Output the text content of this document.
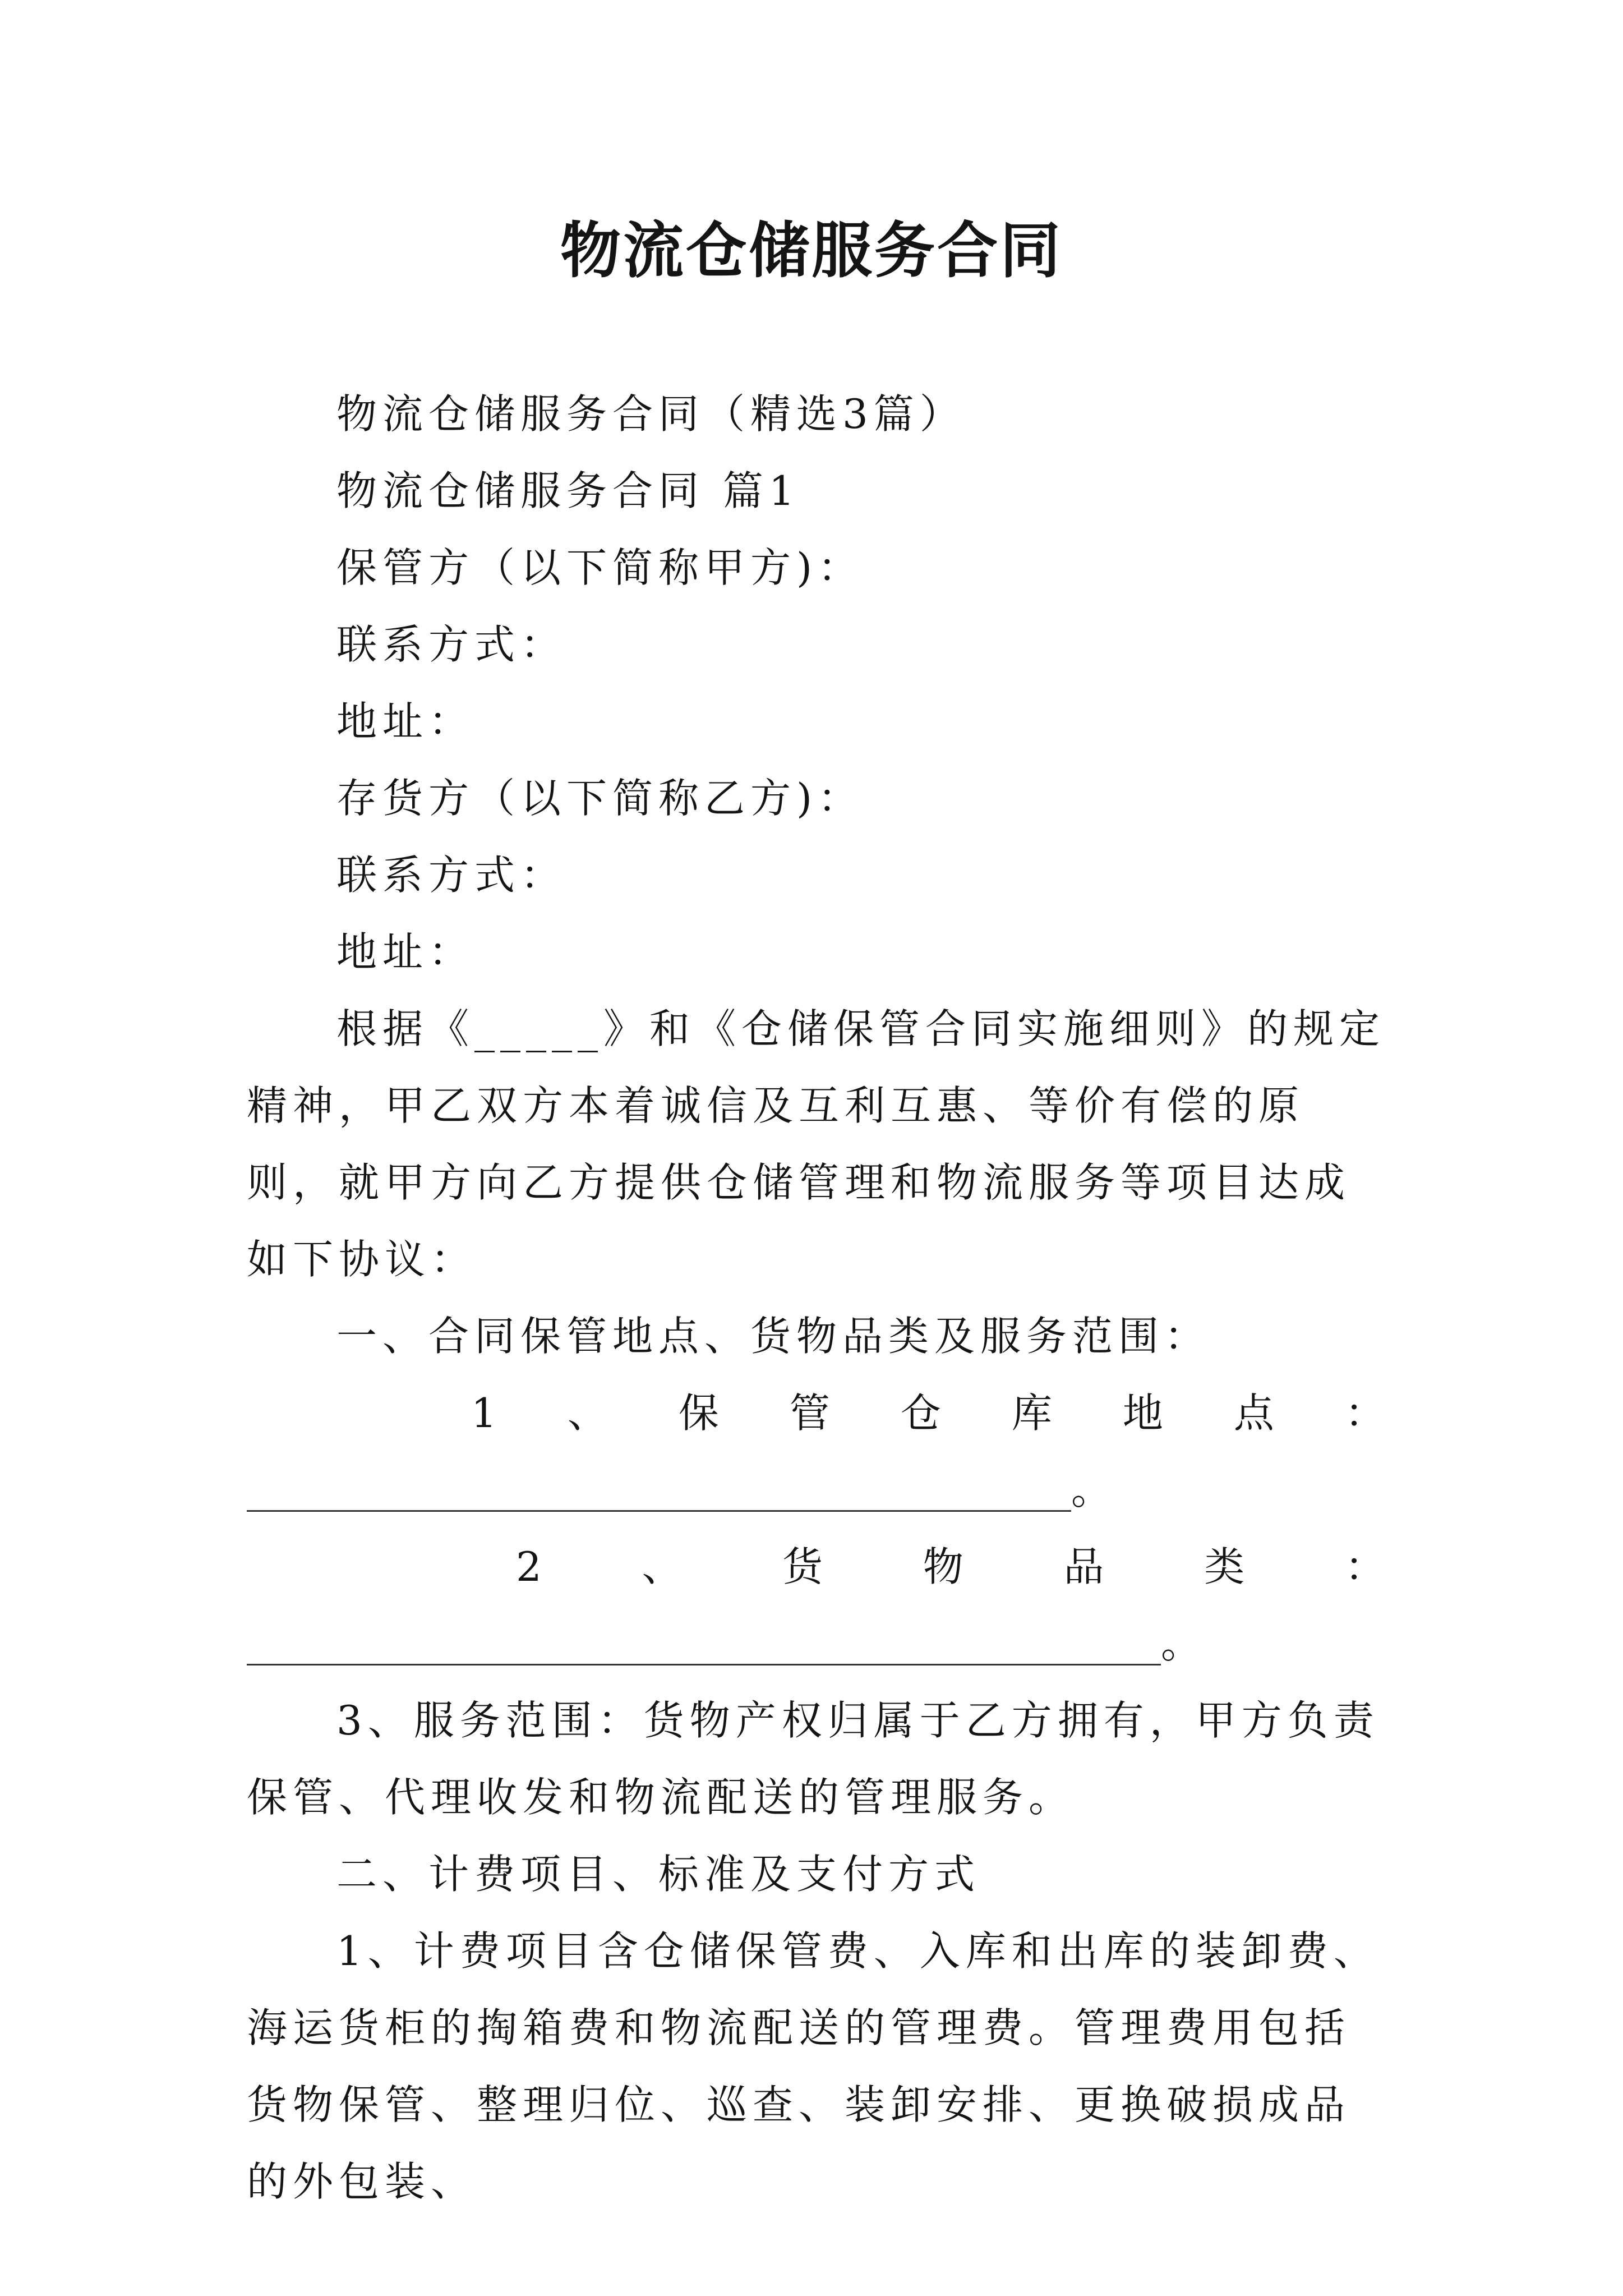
物流仓储服务合同

物流仓储服务合同（精选3篇）

物流仓储服务合同 篇1

保管方（以下简称甲方)：

联系方式：

地址：

存货方（以下简称乙方)：

联系方式：

地址：

根据《_____》和《仓储保管合同实施细则》的规定精神，甲乙双方本着诚信及互利互惠、等价有偿的原则，就甲方向乙方提供仓储管理和物流服务等项目达成如下协议：

一、合同保管地点、货物品类及服务范围：

1 、 保 管 仓 库 地 点 ：
。
2 、 货 物 品 类 ：
。

3、服务范围：货物产权归属于乙方拥有，甲方负责保管、代理收发和物流配送的管理服务。

二、计费项目、标准及支付方式

1、计费项目含仓储保管费、入库和出库的装卸费、海运货柜的掏箱费和物流配送的管理费。管理费用包括货物保管、整理归位、巡查、装卸安排、更换破损成品的外包装、
